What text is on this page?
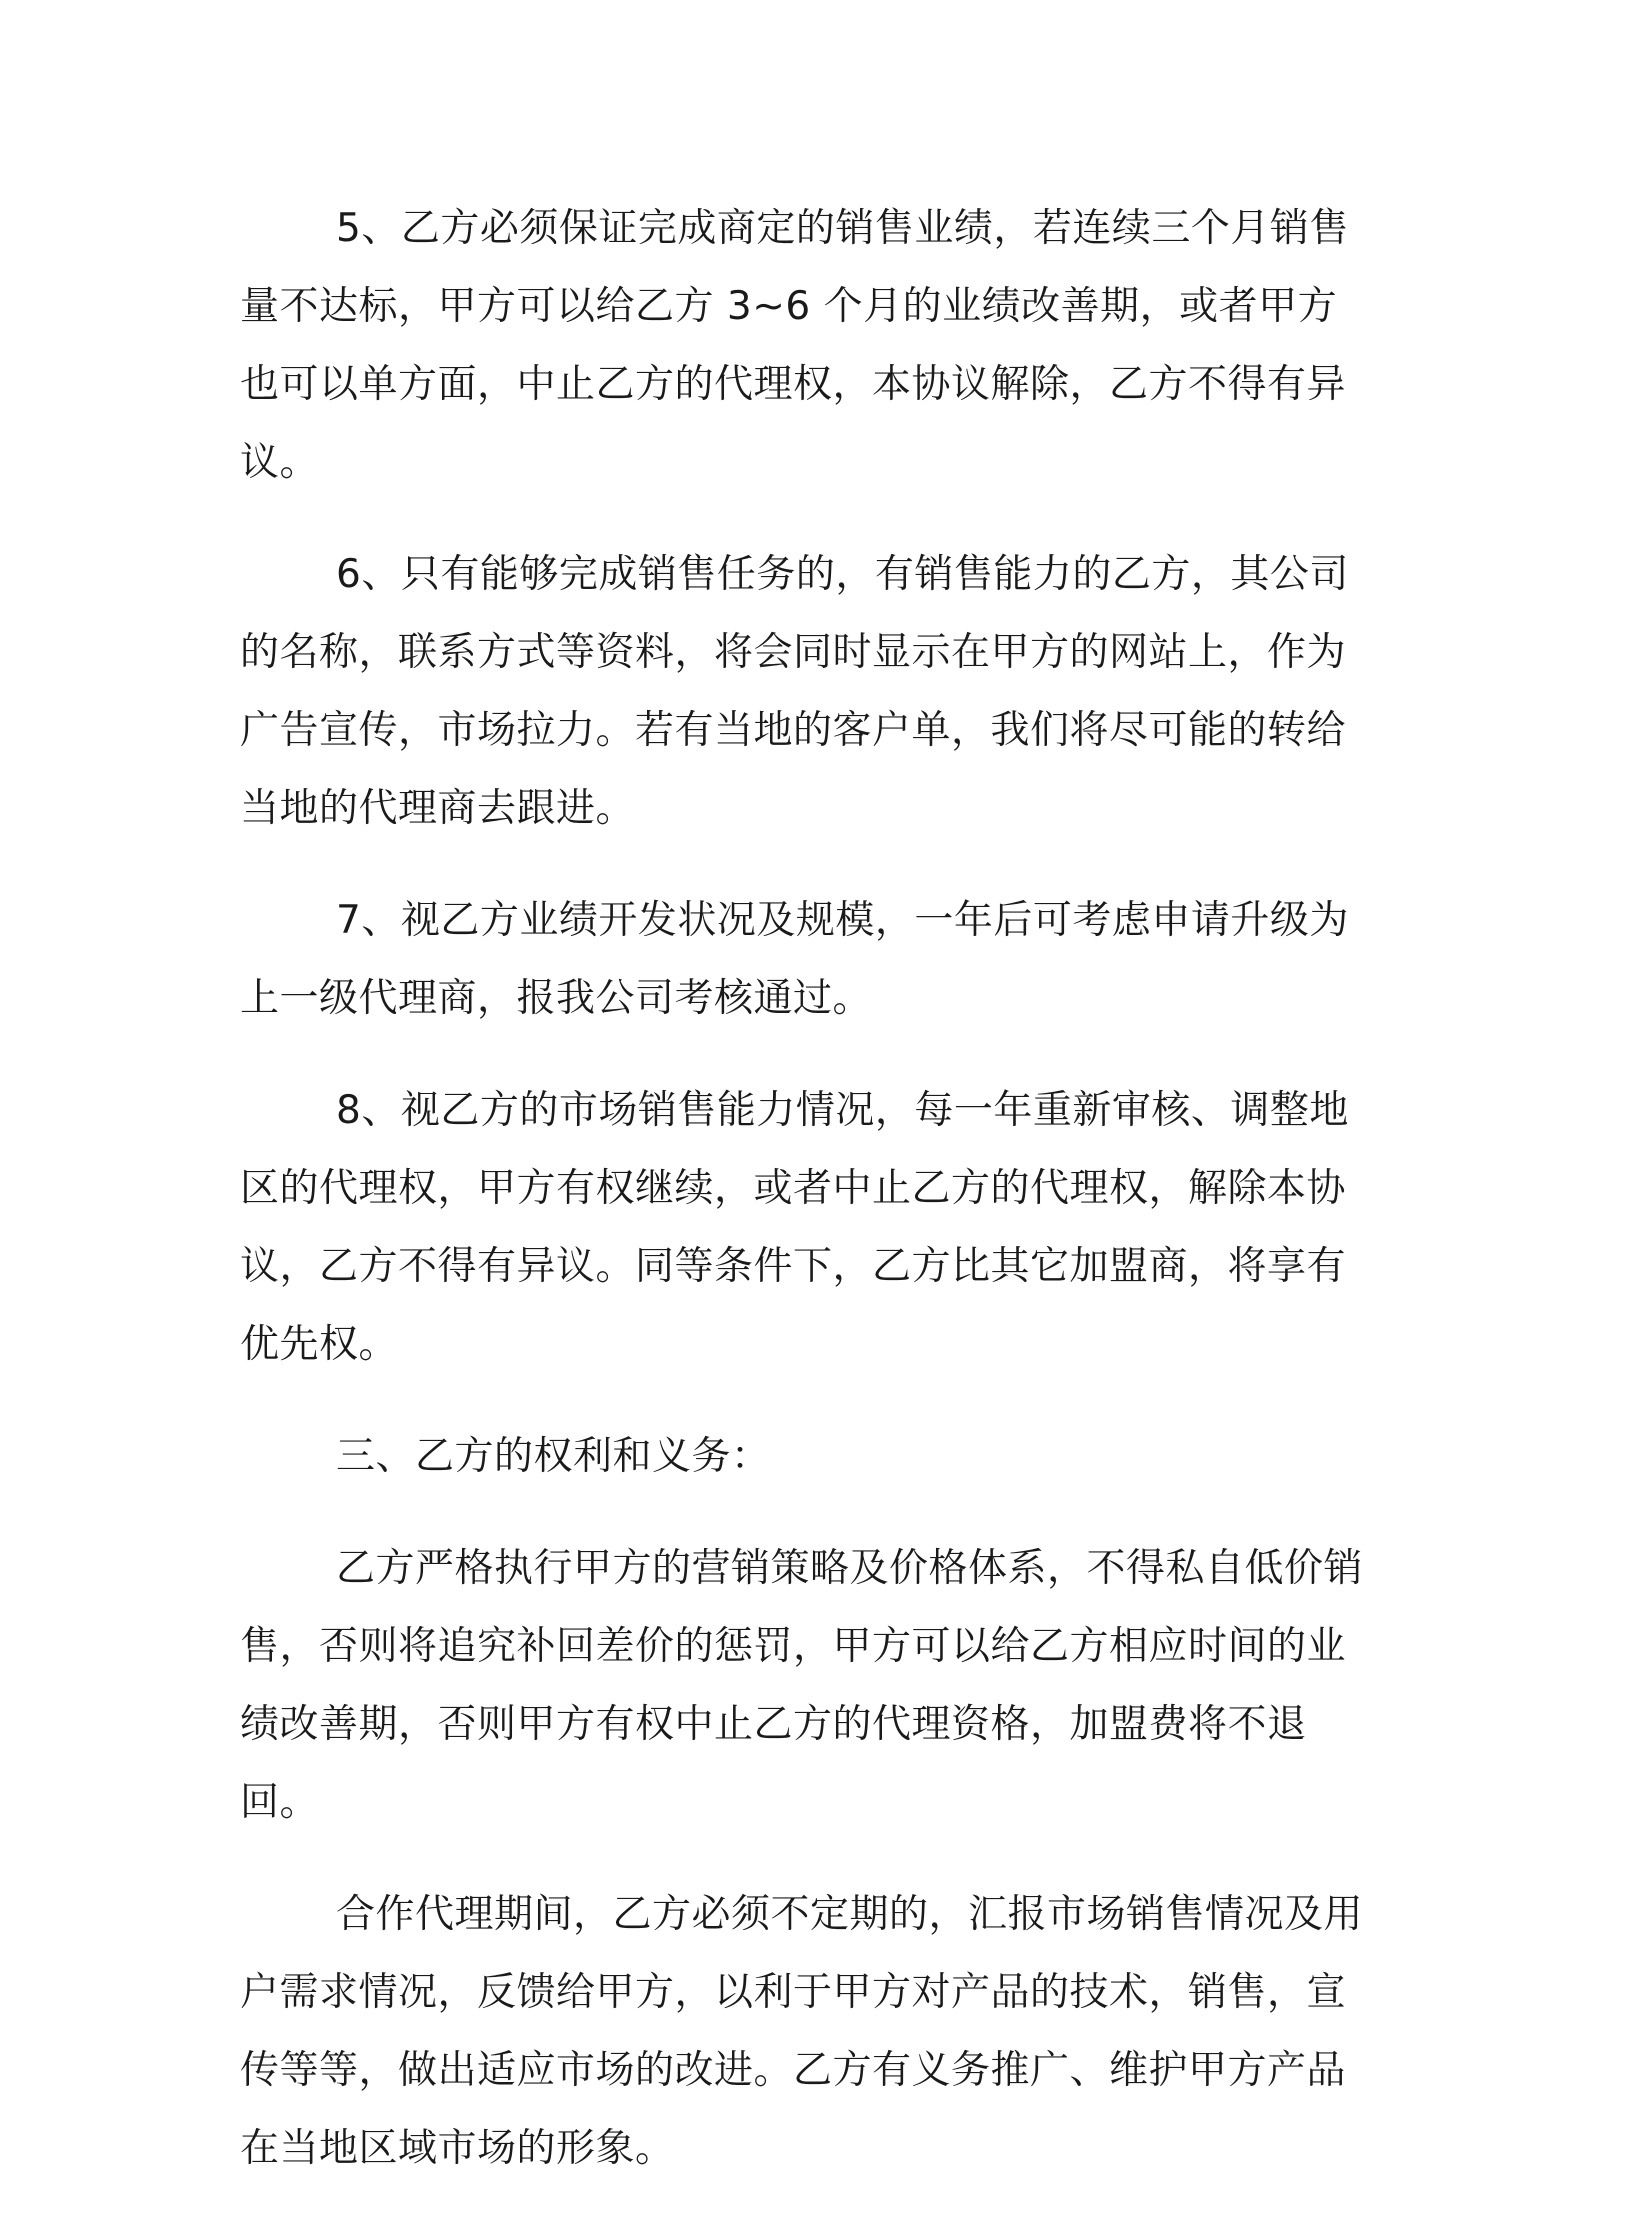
5、乙方必须保证完成商定的销售业绩，若连续三个月销售量不达标，甲方可以给乙方 3~6 个月的业绩改善期，或者甲方也可以单方面，中止乙方的代理权，本协议解除，乙方不得有异议。

6、只有能够完成销售任务的，有销售能力的乙方，其公司的名称，联系方式等资料，将会同时显示在甲方的网站上，作为广告宣传，市场拉力。若有当地的客户单，我们将尽可能的转给当地的代理商去跟进。

7、视乙方业绩开发状况及规模，一年后可考虑申请升级为上一级代理商，报我公司考核通过。

8、视乙方的市场销售能力情况，每一年重新审核、调整地区的代理权，甲方有权继续，或者中止乙方的代理权，解除本协议，乙方不得有异议。同等条件下，乙方比其它加盟商，将享有优先权。

三、乙方的权利和义务：

乙方严格执行甲方的营销策略及价格体系，不得私自低价销售，否则将追究补回差价的惩罚，甲方可以给乙方相应时间的业绩改善期，否则甲方有权中止乙方的代理资格，加盟费将不退回。

合作代理期间，乙方必须不定期的，汇报市场销售情况及用户需求情况，反馈给甲方，以利于甲方对产品的技术，销售，宣传等等，做出适应市场的改进。乙方有义务推广、维护甲方产品在当地区域市场的形象。
